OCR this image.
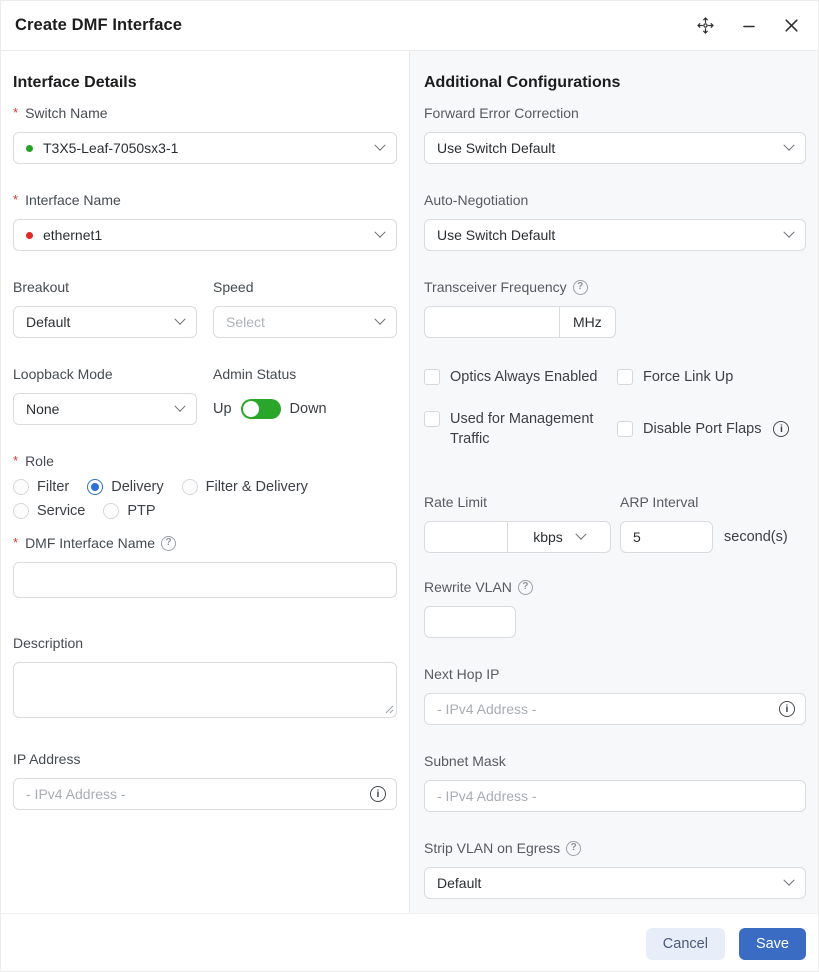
Create DMF Interface
Interface Details
* Switch Name
T3X5-Leaf-7050sx3-1
* Interface Name
ethernet1
Breakout
Default
Speed
Select
Loopback Mode
None
Admin Status
Up	Down
* Role
Filter	Delivery	Filter & Delivery
Service	PTP
* DMF Interface Name	?
Description
IP Address
- IPv4 Address -
i
Additional Configurations
Forward Error Correction
Use Switch Default
Auto-Negotiation
Use Switch Default
Transceiver Frequency	?
MHz
Optics Always Enabled	Force Link Up
Used for Management Traffic
Disable Port Flaps	i
Rate Limit
kbps
ARP Interval
5
second(s)
Rewrite VLAN	?
Next Hop IP
- IPv4 Address -
i
Subnet Mask
- IPv4 Address -
Strip VLAN on Egress	?
Default
Cancel	Save
